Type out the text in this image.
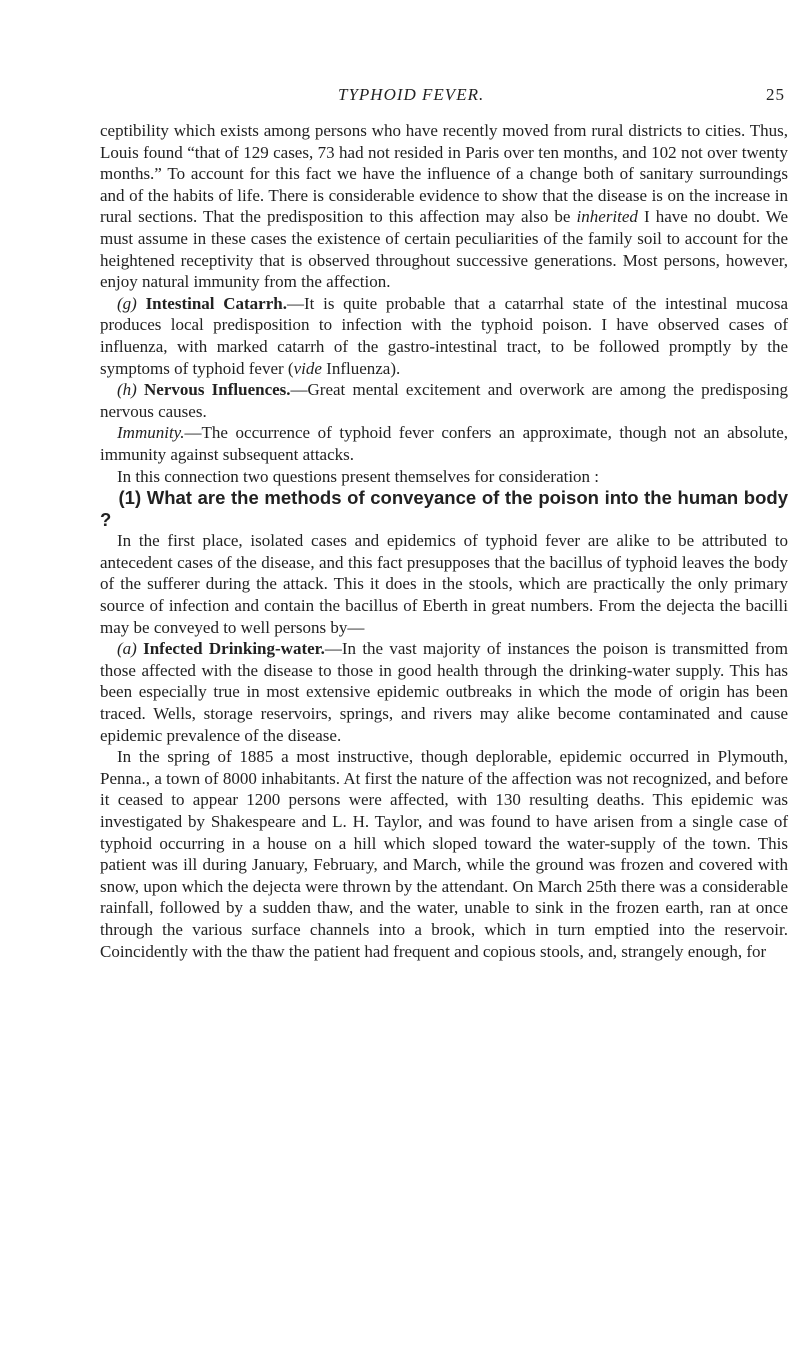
TYPHOID FEVER.	25

ceptibility which exists among persons who have recently moved from rural districts to cities. Thus, Louis found “that of 129 cases, 73 had not resided in Paris over ten months, and 102 not over twenty months.” To account for this fact we have the influence of a change both of sanitary surroundings and of the habits of life. There is considerable evidence to show that the disease is on the increase in rural sections. That the predisposition to this affection may also be inherited I have no doubt. We must assume in these cases the existence of certain peculiarities of the family soil to account for the heightened receptivity that is observed throughout successive generations. Most persons, however, enjoy natural immunity from the affection.

(g) Intestinal Catarrh.—It is quite probable that a catarrhal state of the intestinal mucosa produces local predisposition to infection with the typhoid poison. I have observed cases of influenza, with marked catarrh of the gastro-intestinal tract, to be followed promptly by the symptoms of typhoid fever (vide Influenza).

(h) Nervous Influences.—Great mental excitement and overwork are among the predisposing nervous causes.

Immunity.—The occurrence of typhoid fever confers an approximate, though not an absolute, immunity against subsequent attacks.

In this connection two questions present themselves for consideration :

(1) What are the methods of conveyance of the poison into the human body ?

In the first place, isolated cases and epidemics of typhoid fever are alike to be attributed to antecedent cases of the disease, and this fact presupposes that the bacillus of typhoid leaves the body of the sufferer during the attack. This it does in the stools, which are practically the only primary source of infection and contain the bacillus of Eberth in great numbers. From the dejecta the bacilli may be conveyed to well persons by—

(a) Infected Drinking-water.—In the vast majority of instances the poison is transmitted from those affected with the disease to those in good health through the drinking-water supply. This has been especially true in most extensive epidemic outbreaks in which the mode of origin has been traced. Wells, storage reservoirs, springs, and rivers may alike become contaminated and cause epidemic prevalence of the disease.

In the spring of 1885 a most instructive, though deplorable, epidemic occurred in Plymouth, Penna., a town of 8000 inhabitants. At first the nature of the affection was not recognized, and before it ceased to appear 1200 persons were affected, with 130 resulting deaths. This epidemic was investigated by Shakespeare and L. H. Taylor, and was found to have arisen from a single case of typhoid occurring in a house on a hill which sloped toward the water-supply of the town. This patient was ill during January, February, and March, while the ground was frozen and covered with snow, upon which the dejecta were thrown by the attendant. On March 25th there was a considerable rainfall, followed by a sudden thaw, and the water, unable to sink in the frozen earth, ran at once through the various surface channels into a brook, which in turn emptied into the reservoir. Coincidently with the thaw the patient had frequent and copious stools, and, strangely enough, for
